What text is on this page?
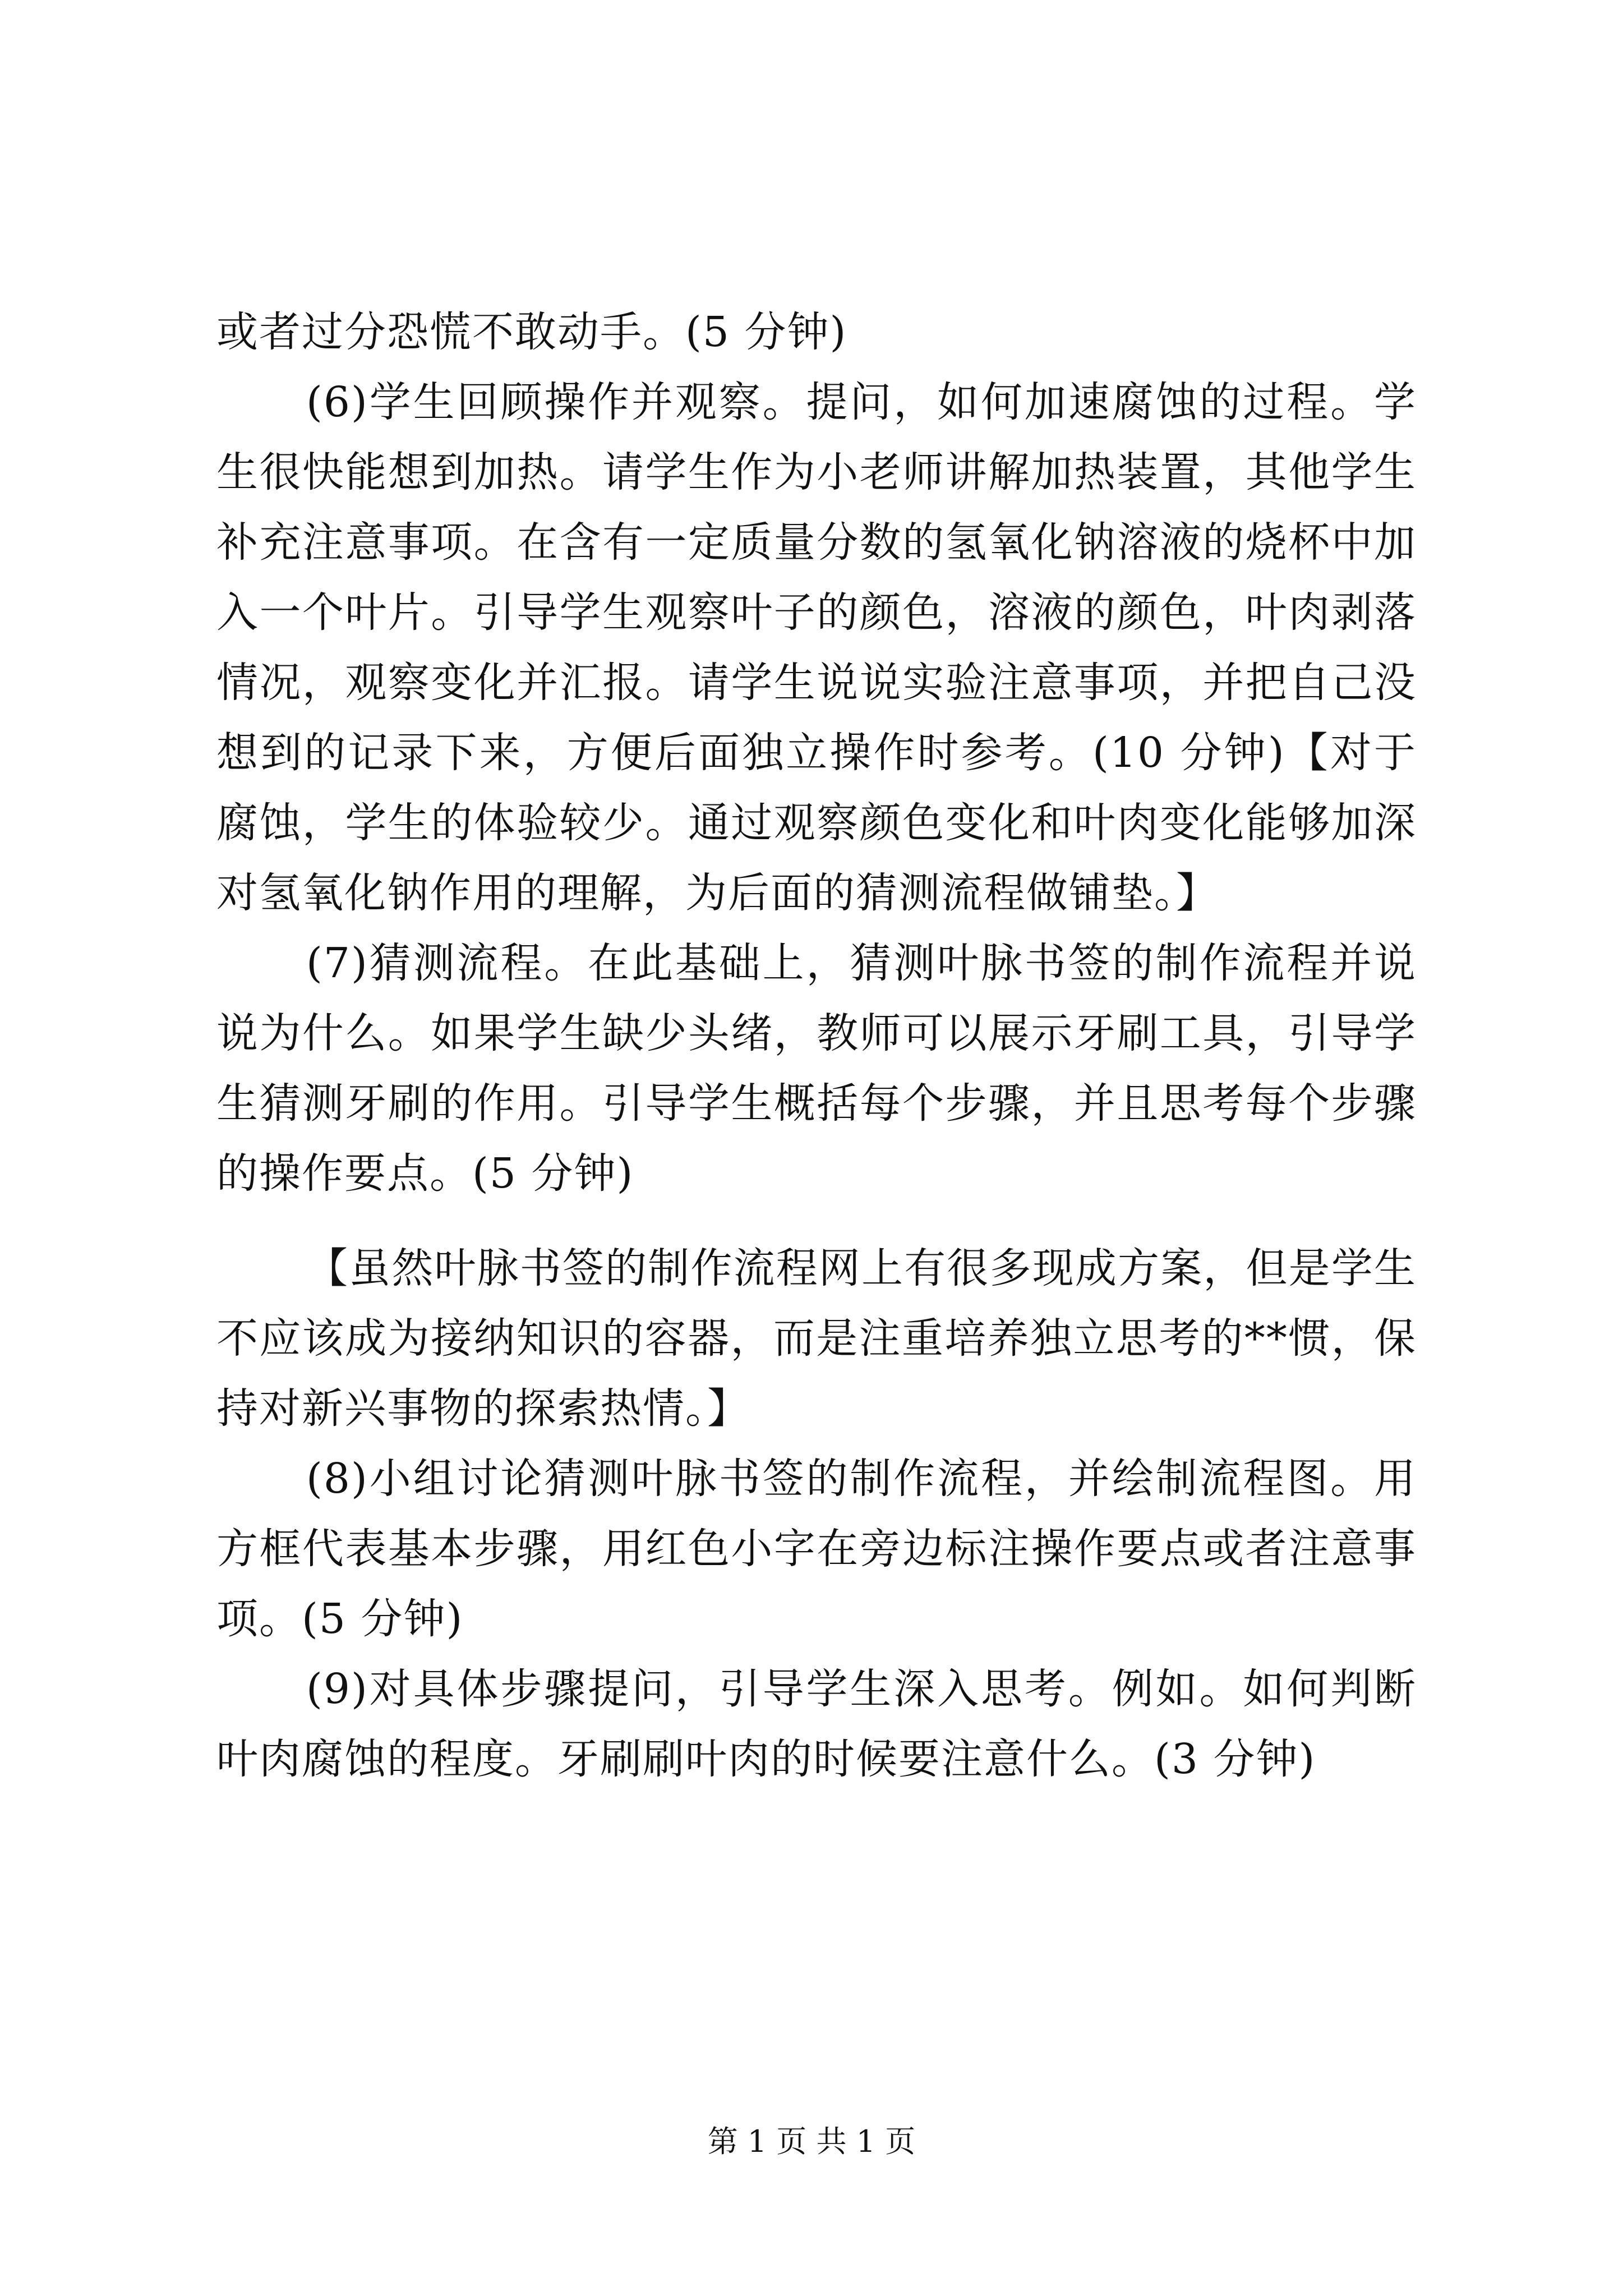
或者过分恐慌不敢动手。(5 分钟)

(6)学生回顾操作并观察。提问，如何加速腐蚀的过程。学生很快能想到加热。请学生作为小老师讲解加热装置，其他学生补充注意事项。在含有一定质量分数的氢氧化钠溶液的烧杯中加入一个叶片。引导学生观察叶子的颜色，溶液的颜色，叶肉剥落情况，观察变化并汇报。请学生说说实验注意事项，并把自己没想到的记录下来，方便后面独立操作时参考。(10 分钟)【对于腐蚀，学生的体验较少。通过观察颜色变化和叶肉变化能够加深对氢氧化钠作用的理解，为后面的猜测流程做铺垫。】

(7)猜测流程。在此基础上，猜测叶脉书签的制作流程并说说为什么。如果学生缺少头绪，教师可以展示牙刷工具，引导学生猜测牙刷的作用。引导学生概括每个步骤，并且思考每个步骤的操作要点。(5 分钟)

【虽然叶脉书签的制作流程网上有很多现成方案，但是学生不应该成为接纳知识的容器，而是注重培养独立思考的**惯，保持对新兴事物的探索热情。】

(8)小组讨论猜测叶脉书签的制作流程，并绘制流程图。用方框代表基本步骤，用红色小字在旁边标注操作要点或者注意事项。(5 分钟)

(9)对具体步骤提问，引导学生深入思考。例如。如何判断叶肉腐蚀的程度。牙刷刷叶肉的时候要注意什么。(3 分钟)

第 1 页 共 1 页
